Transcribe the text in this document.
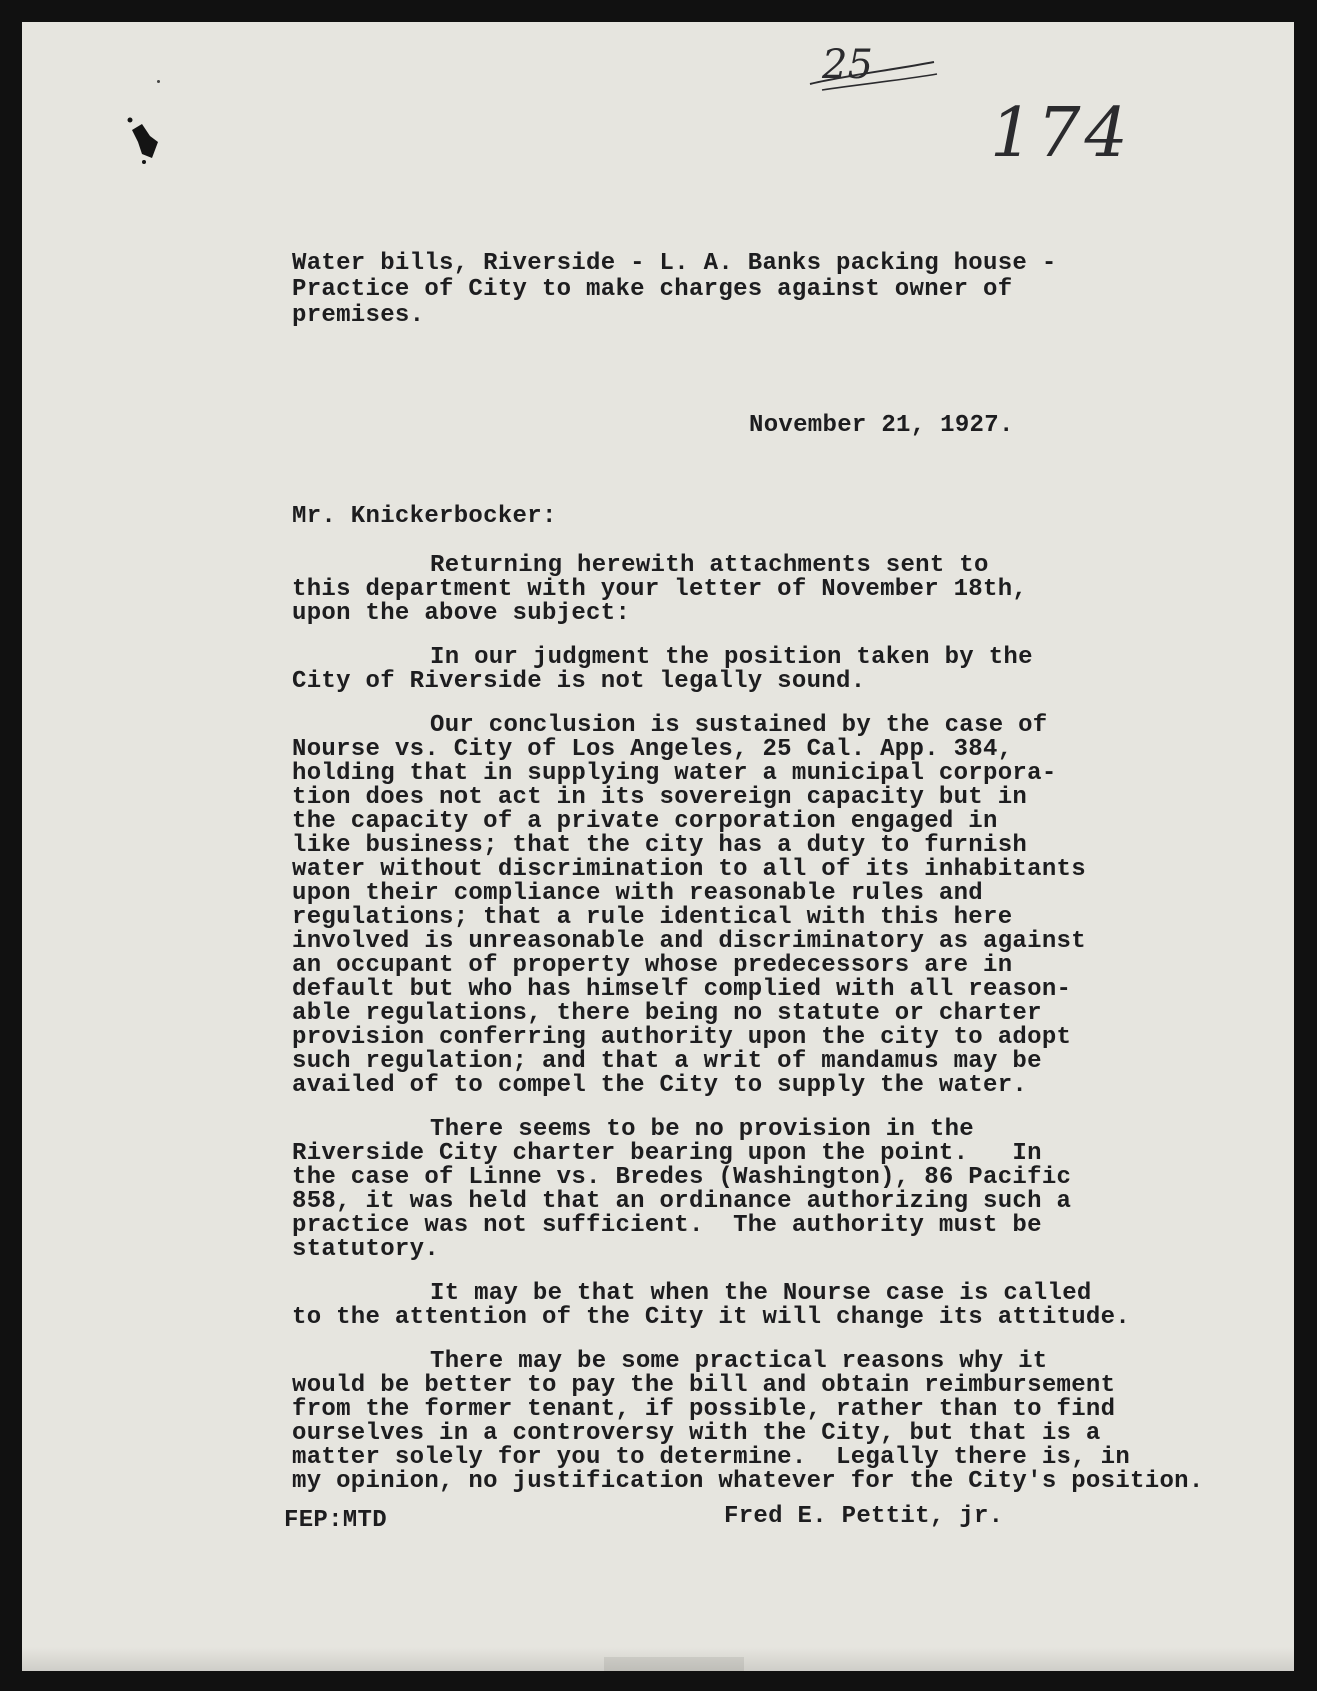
25
174
Water bills, Riverside - L. A. Banks packing house -
Practice of City to make charges against owner of
premises.
November 21, 1927.
Mr. Knickerbocker:
Returning herewith attachments sent to
this department with your letter of November 18th,
upon the above subject:
In our judgment the position taken by the
City of Riverside is not legally sound.
Our conclusion is sustained by the case of
Nourse vs. City of Los Angeles, 25 Cal. App. 384,
holding that in supplying water a municipal corpora-
tion does not act in its sovereign capacity but in
the capacity of a private corporation engaged in
like business; that the city has a duty to furnish
water without discrimination to all of its inhabitants
upon their compliance with reasonable rules and
regulations; that a rule identical with this here
involved is unreasonable and discriminatory as against
an occupant of property whose predecessors are in
default but who has himself complied with all reason-
able regulations, there being no statute or charter
provision conferring authority upon the city to adopt
such regulation; and that a writ of mandamus may be
availed of to compel the City to supply the water.
There seems to be no provision in the
Riverside City charter bearing upon the point.   In
the case of Linne vs. Bredes (Washington), 86 Pacific
858, it was held that an ordinance authorizing such a
practice was not sufficient.  The authority must be
statutory.
It may be that when the Nourse case is called
to the attention of the City it will change its attitude.
There may be some practical reasons why it
would be better to pay the bill and obtain reimbursement
from the former tenant, if possible, rather than to find
ourselves in a controversy with the City, but that is a
matter solely for you to determine.  Legally there is, in
my opinion, no justification whatever for the City's position.
FEP:MTD	Fred E. Pettit, jr.
